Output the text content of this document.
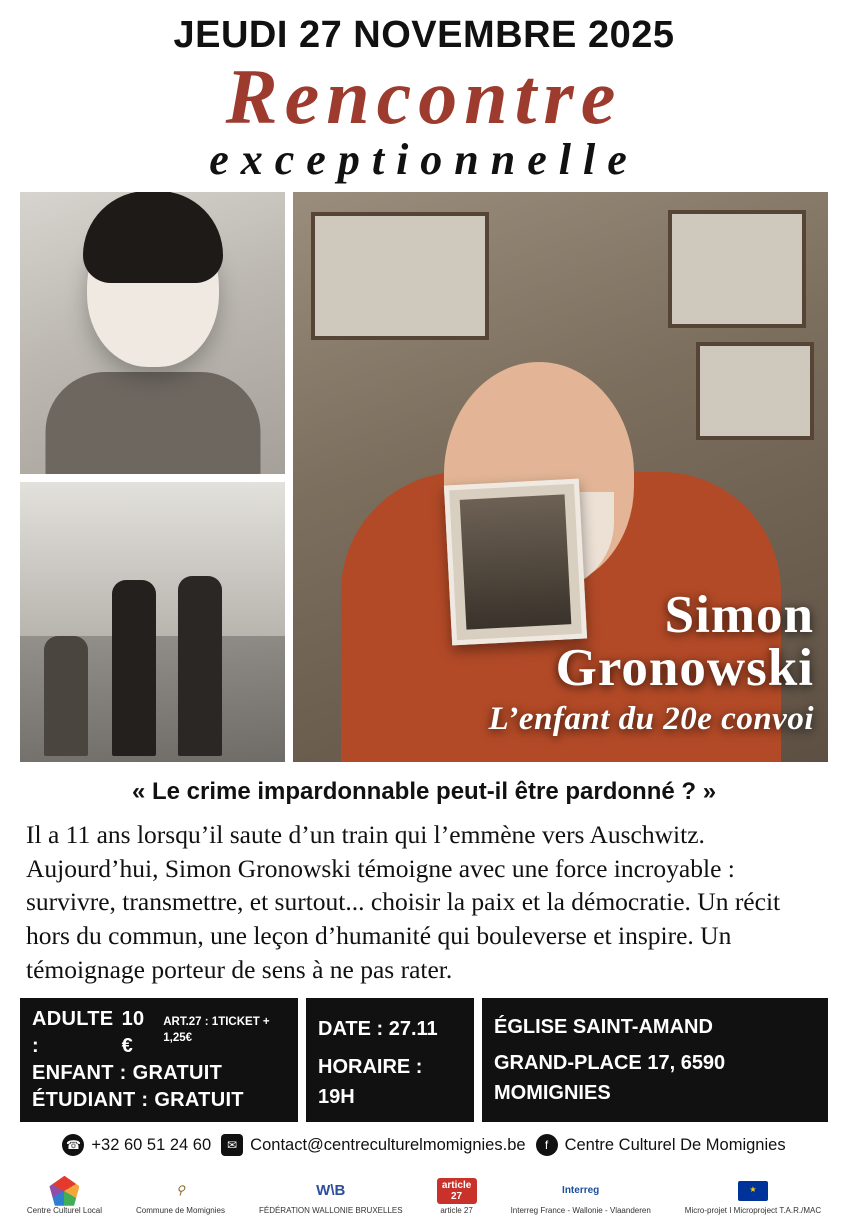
JEUDI 27 NOVEMBRE 2025
Rencontre
exceptionnelle
Simon
Gronowski
L’enfant du 20e convoi
« Le crime impardonnable peut-il être pardonné ? »
Il a 11 ans lorsqu’il saute d’un train qui l’emmène vers Auschwitz. Aujourd’hui, Simon Gronowski témoigne avec une force incroyable : survivre, transmettre, et surtout... choisir la paix et la démocratie. Un récit hors du commun, une leçon d’humanité qui bouleverse et inspire. Un témoignage porteur de sens à ne pas rater.
ADULTE :
10 €
ART.27 : 1TICKET + 1,25€
ENFANT : GRATUIT
ÉTUDIANT : GRATUIT
DATE : 27.11
HORAIRE : 19H
ÉGLISE SAINT-AMAND
GRAND-PLACE 17, 6590 MOMIGNIES
☎ +32 60 51 24 60	✉ Contact@centreculturelmomignies.be	f Centre Culturel De Momignies
Centre Culturel Local
⚲
Commune de Momignies
W\B
FÉDÉRATION WALLONIE BRUXELLES
article 27
article 27
Interreg
Interreg France - Wallonie - Vlaanderen
★
Micro-projet I Microproject T.A.R./MAC
